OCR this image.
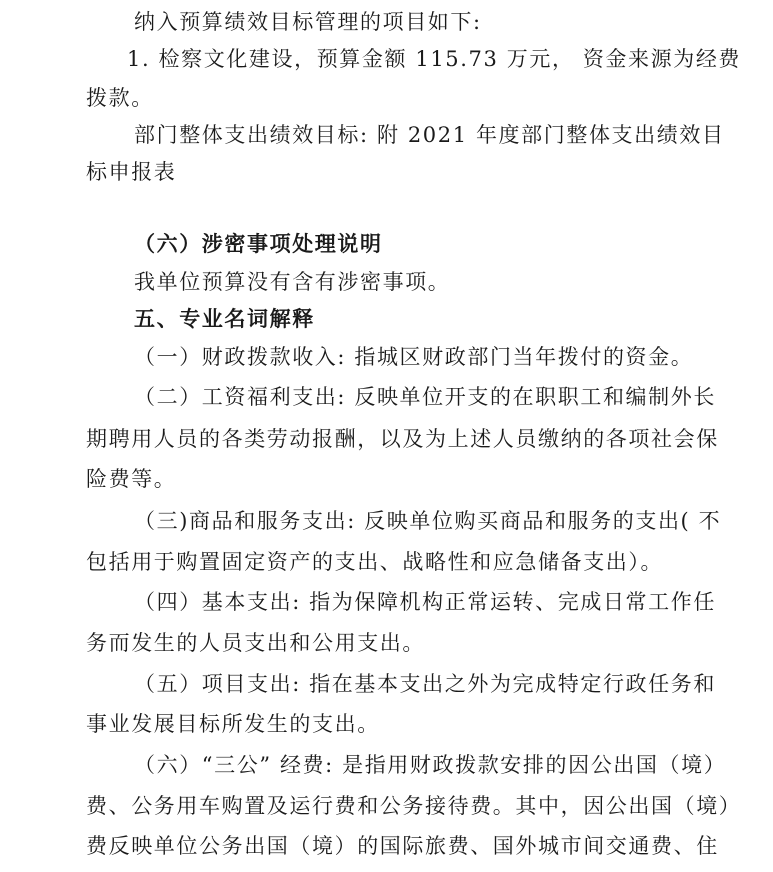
纳入预算绩效目标管理的项目如下:
1. 检察文化建设，预算金额 115.73 万元， 资金来源为经费
拨款。
部门整体支出绩效目标: 附 2021 年度部门整体支出绩效目
标申报表
（六）涉密事项处理说明
我单位预算没有含有涉密事项。
五、专业名词解释
（一）财政拨款收入: 指城区财政部门当年拨付的资金。
（二）工资福利支出: 反映单位开支的在职职工和编制外长
期聘用人员的各类劳动报酬，以及为上述人员缴纳的各项社会保
险费等。
（三)商品和服务支出: 反映单位购买商品和服务的支出( 不
包括用于购置固定资产的支出、战略性和应急储备支出）。
（四）基本支出: 指为保障机构正常运转、完成日常工作任
务而发生的人员支出和公用支出。
（五）项目支出: 指在基本支出之外为完成特定行政任务和
事业发展目标所发生的支出。
（六）“三公” 经费: 是指用财政拨款安排的因公出国（境）
费、公务用车购置及运行费和公务接待费。其中，因公出国（境）
费反映单位公务出国（境）的国际旅费、国外城市间交通费、住
